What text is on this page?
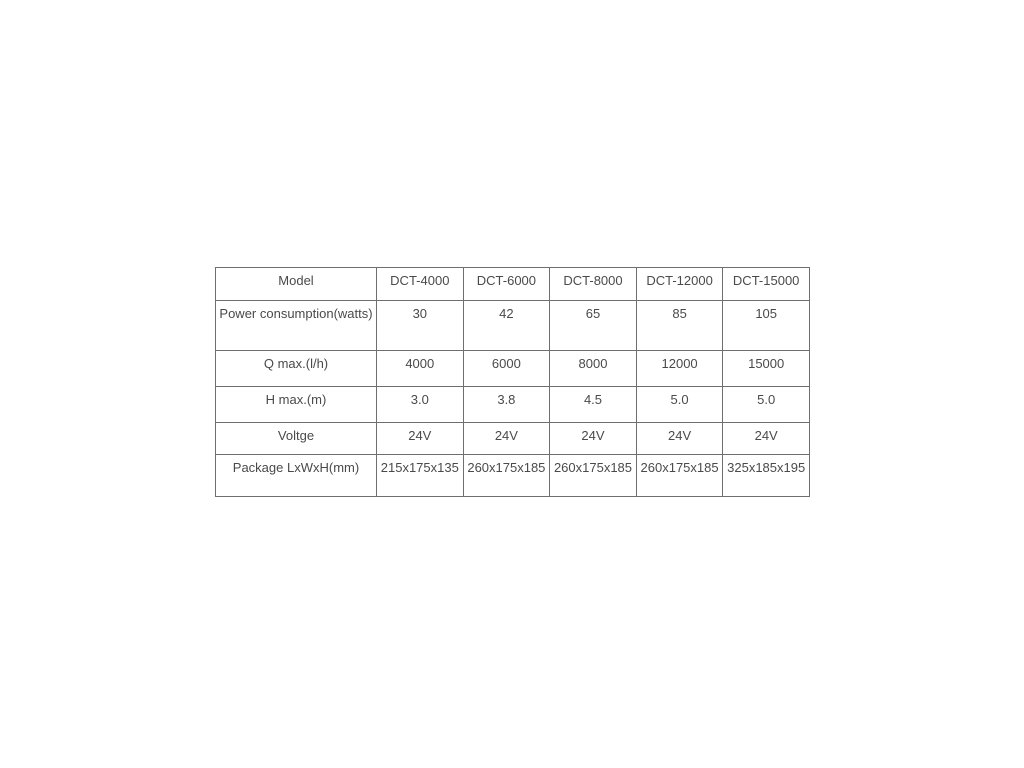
Model	DCT-4000	DCT-6000	DCT-8000	DCT-12000	DCT-15000
Power consumption(watts)	30	42	65	85	105
Q max.(l/h)	4000	6000	8000	12000	15000
H max.(m)	3.0	3.8	4.5	5.0	5.0
Voltge	24V	24V	24V	24V	24V
Package LxWxH(mm)	215x175x135	260x175x185	260x175x185	260x175x185	325x185x195
